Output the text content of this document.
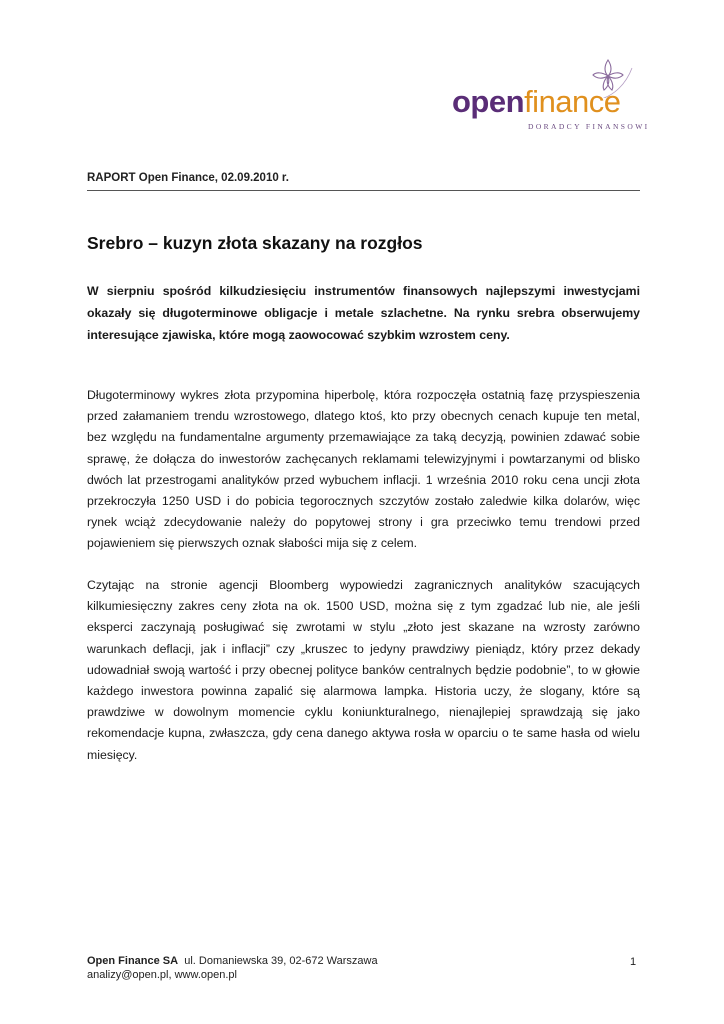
openfinance
DORADCY FINANSOWI
RAPORT Open Finance, 02.09.2010 r.
Srebro – kuzyn złota skazany na rozgłos
W sierpniu spośród kilkudziesięciu instrumentów finansowych najlepszymi inwestycjami okazały się długoterminowe obligacje i metale szlachetne. Na rynku srebra obserwujemy interesujące zjawiska, które mogą zaowocować szybkim wzrostem ceny.
Długoterminowy wykres złota przypomina hiperbolę, która rozpoczęła ostatnią fazę przyspieszenia przed załamaniem trendu wzrostowego, dlatego ktoś, kto przy obecnych cenach kupuje ten metal, bez względu na fundamentalne argumenty przemawiające za taką decyzją, powinien zdawać sobie sprawę, że dołącza do inwestorów zachęcanych reklamami telewizyjnymi i powtarzanymi od blisko dwóch lat przestrogami analityków przed wybuchem inflacji. 1 września 2010 roku cena uncji złota przekroczyła 1250 USD i do pobicia tegorocznych szczytów zostało zaledwie kilka dolarów, więc rynek wciąż zdecydowanie należy do popytowej strony i gra przeciwko temu trendowi przed pojawieniem się pierwszych oznak słabości mija się z celem.
Czytając na stronie agencji Bloomberg wypowiedzi zagranicznych analityków szacujących kilkumiesięczny zakres ceny złota na ok. 1500 USD, można się z tym zgadzać lub nie, ale jeśli eksperci zaczynają posługiwać się zwrotami w stylu „złoto jest skazane na wzrosty zarówno warunkach deflacji, jak i inflacji” czy „kruszec to jedyny prawdziwy pieniądz, który przez dekady udowadniał swoją wartość i przy obecnej polityce banków centralnych będzie podobnie”, to w głowie każdego inwestora powinna zapalić się alarmowa lampka. Historia uczy, że slogany, które są prawdziwe w dowolnym momencie cyklu koniunkturalnego, nienajlepiej sprawdzają się jako rekomendacje kupna, zwłaszcza, gdy cena danego aktywa rosła w oparciu o te same hasła od wielu miesięcy.
Open Finance SA ul. Domaniewska 39, 02-672 Warszawa
analizy@open.pl, www.open.pl
1
